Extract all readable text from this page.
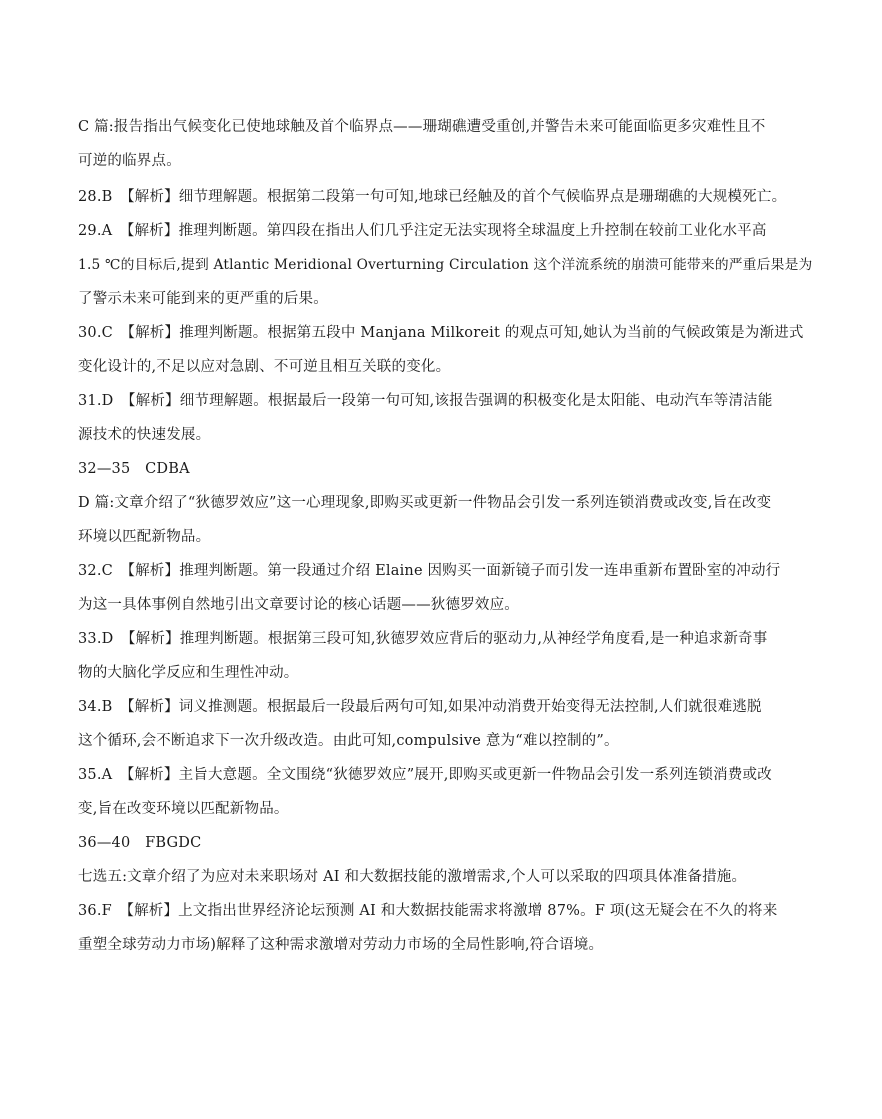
C 篇:报告指出气候变化已使地球触及首个临界点——珊瑚礁遭受重创,并警告未来可能面临更多灾难性且不
可逆的临界点。
28.B　【解析】细节理解题。根据第二段第一句可知,地球已经触及的首个气候临界点是珊瑚礁的大规模死亡。
29.A　【解析】推理判断题。第四段在指出人们几乎注定无法实现将全球温度上升控制在较前工业化水平高
1.5 ℃的目标后,提到 Atlantic Meridional Overturning Circulation 这个洋流系统的崩溃可能带来的严重后果是为
了警示未来可能到来的更严重的后果。
30.C　【解析】推理判断题。根据第五段中 Manjana Milkoreit 的观点可知,她认为当前的气候政策是为渐进式
变化设计的,不足以应对急剧、不可逆且相互关联的变化。
31.D　【解析】细节理解题。根据最后一段第一句可知,该报告强调的积极变化是太阳能、电动汽车等清洁能
源技术的快速发展。
32—35　CDBA
D 篇:文章介绍了“狄德罗效应”这一心理现象,即购买或更新一件物品会引发一系列连锁消费或改变,旨在改变
环境以匹配新物品。
32.C　【解析】推理判断题。第一段通过介绍 Elaine 因购买一面新镜子而引发一连串重新布置卧室的冲动行
为这一具体事例自然地引出文章要讨论的核心话题——狄德罗效应。
33.D　【解析】推理判断题。根据第三段可知,狄德罗效应背后的驱动力,从神经学角度看,是一种追求新奇事
物的大脑化学反应和生理性冲动。
34.B　【解析】词义推测题。根据最后一段最后两句可知,如果冲动消费开始变得无法控制,人们就很难逃脱
这个循环,会不断追求下一次升级改造。由此可知,compulsive 意为“难以控制的”。
35.A　【解析】主旨大意题。全文围绕“狄德罗效应”展开,即购买或更新一件物品会引发一系列连锁消费或改
变,旨在改变环境以匹配新物品。
36—40　FBGDC
七选五:文章介绍了为应对未来职场对 AI 和大数据技能的激增需求,个人可以采取的四项具体准备措施。
36.F　【解析】上文指出世界经济论坛预测 AI 和大数据技能需求将激增 87%。F 项(这无疑会在不久的将来
重塑全球劳动力市场)解释了这种需求激增对劳动力市场的全局性影响,符合语境。
